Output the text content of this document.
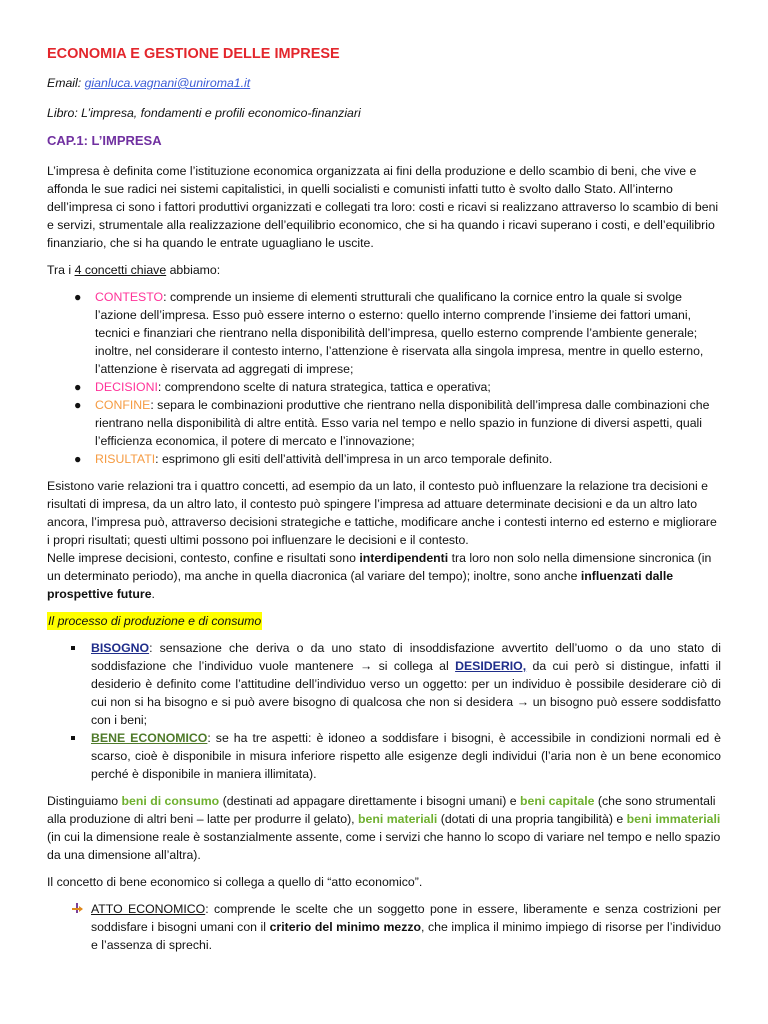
ECONOMIA E GESTIONE DELLE IMPRESE

Email: gianluca.vagnani@uniroma1.it

Libro: L’impresa, fondamenti e profili economico-finanziari

CAP.1: L’IMPRESA

L’impresa è definita come l’istituzione economica organizzata ai fini della produzione e dello scambio di beni, che vive e affonda le sue radici nei sistemi capitalistici, in quelli socialisti e comunisti infatti tutto è svolto dallo Stato. All’interno dell’impresa ci sono i fattori produttivi organizzati e collegati tra loro: costi e ricavi si realizzano attraverso lo scambio di beni e servizi, strumentale alla realizzazione dell’equilibrio economico, che si ha quando i ricavi superano i costi, e dell’equilibrio finanziario, che si ha quando le entrate uguagliano le uscite.

Tra i 4 concetti chiave abbiamo:

● CONTESTO: comprende un insieme di elementi strutturali che qualificano la cornice entro la quale si svolge l’azione dell’impresa. Esso può essere interno o esterno: quello interno comprende l’insieme dei fattori umani, tecnici e finanziari che rientrano nella disponibilità dell’impresa, quello esterno comprende l’ambiente generale; inoltre, nel considerare il contesto interno, l’attenzione è riservata alla singola impresa, mentre in quello esterno, l’attenzione è riservata ad aggregati di imprese;
● DECISIONI: comprendono scelte di natura strategica, tattica e operativa;
● CONFINE: separa le combinazioni produttive che rientrano nella disponibilità dell’impresa dalle combinazioni che rientrano nella disponibilità di altre entità. Esso varia nel tempo e nello spazio in funzione di diversi aspetti, quali l’efficienza economica, il potere di mercato e l’innovazione;
● RISULTATI: esprimono gli esiti dell’attività dell’impresa in un arco temporale definito.

Esistono varie relazioni tra i quattro concetti, ad esempio da un lato, il contesto può influenzare la relazione tra decisioni e risultati di impresa, da un altro lato, il contesto può spingere l’impresa ad attuare determinate decisioni e da un altro lato ancora, l’impresa può, attraverso decisioni strategiche e tattiche, modificare anche i contesti interno ed esterno e migliorare i propri risultati; questi ultimi possono poi influenzare le decisioni e il contesto.

Nelle imprese decisioni, contesto, confine e risultati sono interdipendenti tra loro non solo nella dimensione sincronica (in un determinato periodo), ma anche in quella diacronica (al variare del tempo); inoltre, sono anche influenzati dalle prospettive future.

Il processo di produzione e di consumo

BISOGNO: sensazione che deriva o da uno stato di insoddisfazione avvertito dell’uomo o da uno stato di soddisfazione che l’individuo vuole mantenere → si collega al DESIDERIO, da cui però si distingue, infatti il desiderio è definito come l’attitudine dell’individuo verso un oggetto: per un individuo è possibile desiderare ciò di cui non si ha bisogno e si può avere bisogno di qualcosa che non si desidera → un bisogno può essere soddisfatto con i beni;
BENE ECONOMICO: se ha tre aspetti: è idoneo a soddisfare i bisogni, è accessibile in condizioni normali ed è scarso, cioè è disponibile in misura inferiore rispetto alle esigenze degli individui (l’aria non è un bene economico perché è disponibile in maniera illimitata).

Distinguiamo beni di consumo (destinati ad appagare direttamente i bisogni umani) e beni capitale (che sono strumentali alla produzione di altri beni – latte per produrre il gelato), beni materiali (dotati di una propria tangibilità) e beni immateriali (in cui la dimensione reale è sostanzialmente assente, come i servizi che hanno lo scopo di variare nel tempo e nello spazio da una dimensione all’altra).

Il concetto di bene economico si collega a quello di “atto economico”.

ATTO ECONOMICO: comprende le scelte che un soggetto pone in essere, liberamente e senza costrizioni per soddisfare i bisogni umani con il criterio del minimo mezzo, che implica il minimo impiego di risorse per l’individuo e l’assenza di sprechi.
